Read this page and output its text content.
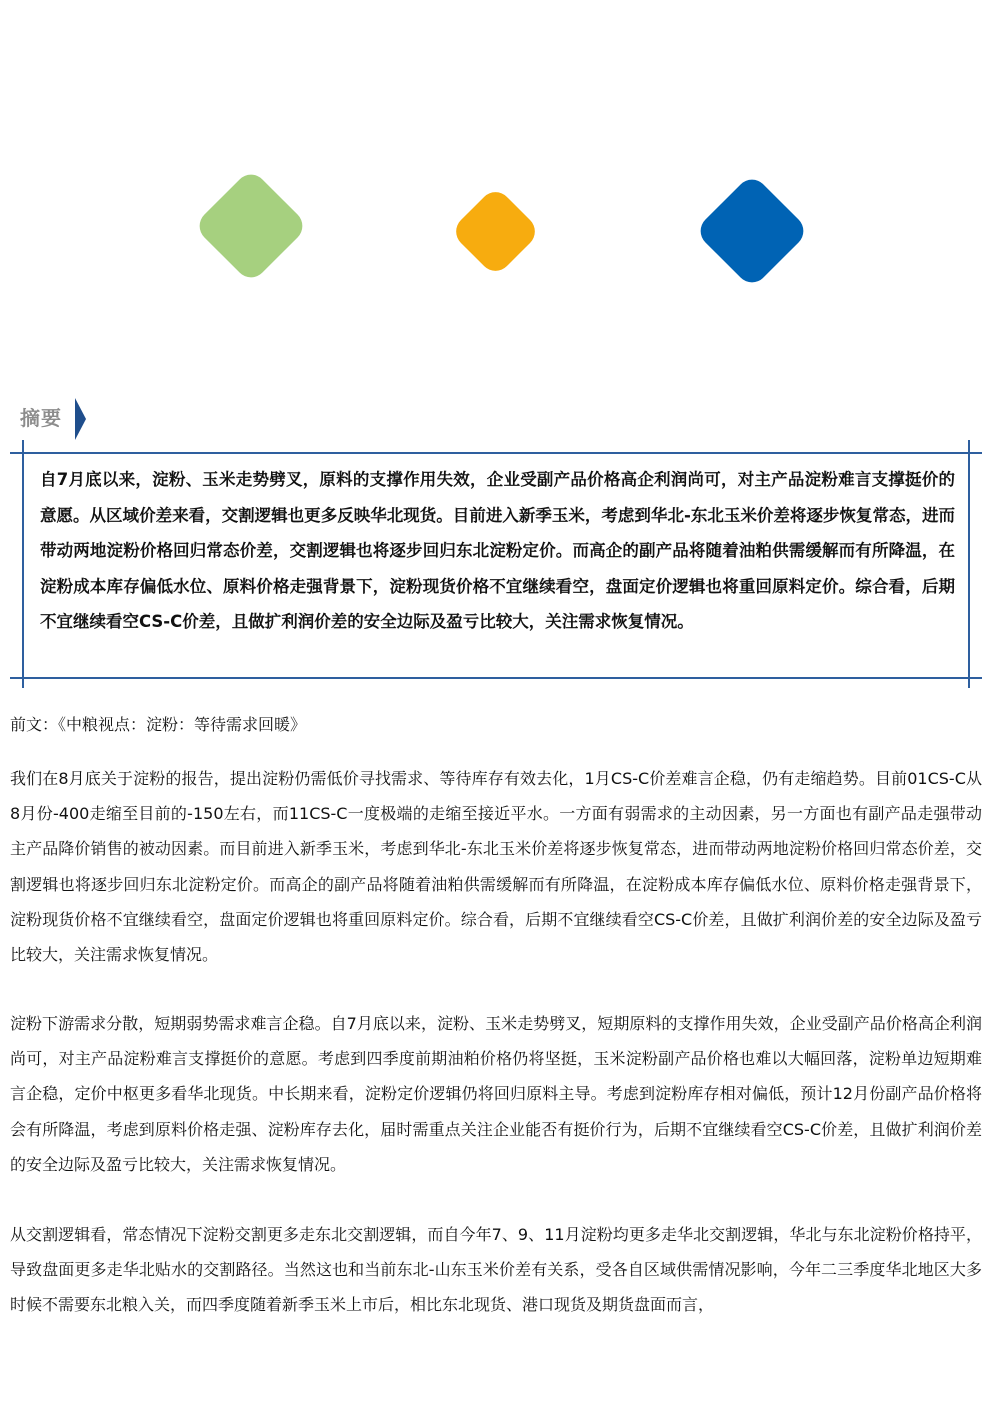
摘要

自7月底以来，淀粉、玉米走势劈叉，原料的支撑作用失效，企业受副产品价格高企利润尚可，对主产品淀粉难言支撑挺价的意愿。从区域价差来看，交割逻辑也更多反映华北现货。目前进入新季玉米，考虑到华北-东北玉米价差将逐步恢复常态，进而带动两地淀粉价格回归常态价差，交割逻辑也将逐步回归东北淀粉定价。而高企的副产品将随着油粕供需缓解而有所降温，在淀粉成本库存偏低水位、原料价格走强背景下，淀粉现货价格不宜继续看空，盘面定价逻辑也将重回原料定价。综合看，后期不宜继续看空CS-C价差，且做扩利润价差的安全边际及盈亏比较大，关注需求恢复情况。

前文：《中粮视点：淀粉：等待需求回暖》

我们在8月底关于淀粉的报告，提出淀粉仍需低价寻找需求、等待库存有效去化，1月CS-C价差难言企稳，仍有走缩趋势。目前01CS-C从8月份-400走缩至目前的-150左右，而11CS-C一度极端的走缩至接近平水。一方面有弱需求的主动因素，另一方面也有副产品走强带动主产品降价销售的被动因素。而目前进入新季玉米，考虑到华北-东北玉米价差将逐步恢复常态，进而带动两地淀粉价格回归常态价差，交割逻辑也将逐步回归东北淀粉定价。而高企的副产品将随着油粕供需缓解而有所降温，在淀粉成本库存偏低水位、原料价格走强背景下，淀粉现货价格不宜继续看空，盘面定价逻辑也将重回原料定价。综合看，后期不宜继续看空CS-C价差，且做扩利润价差的安全边际及盈亏比较大，关注需求恢复情况。

淀粉下游需求分散，短期弱势需求难言企稳。自7月底以来，淀粉、玉米走势劈叉，短期原料的支撑作用失效，企业受副产品价格高企利润尚可，对主产品淀粉难言支撑挺价的意愿。考虑到四季度前期油粕价格仍将坚挺，玉米淀粉副产品价格也难以大幅回落，淀粉单边短期难言企稳，定价中枢更多看华北现货。中长期来看，淀粉定价逻辑仍将回归原料主导。考虑到淀粉库存相对偏低，预计12月份副产品价格将会有所降温，考虑到原料价格走强、淀粉库存去化，届时需重点关注企业能否有挺价行为，后期不宜继续看空CS-C价差，且做扩利润价差的安全边际及盈亏比较大，关注需求恢复情况。

从交割逻辑看，常态情况下淀粉交割更多走东北交割逻辑，而自今年7、9、11月淀粉均更多走华北交割逻辑，华北与东北淀粉价格持平，导致盘面更多走华北贴水的交割路径。当然这也和当前东北-山东玉米价差有关系，受各自区域供需情况影响，今年二三季度华北地区大多时候不需要东北粮入关，而四季度随着新季玉米上市后，相比东北现货、港口现货及期货盘面而言，
